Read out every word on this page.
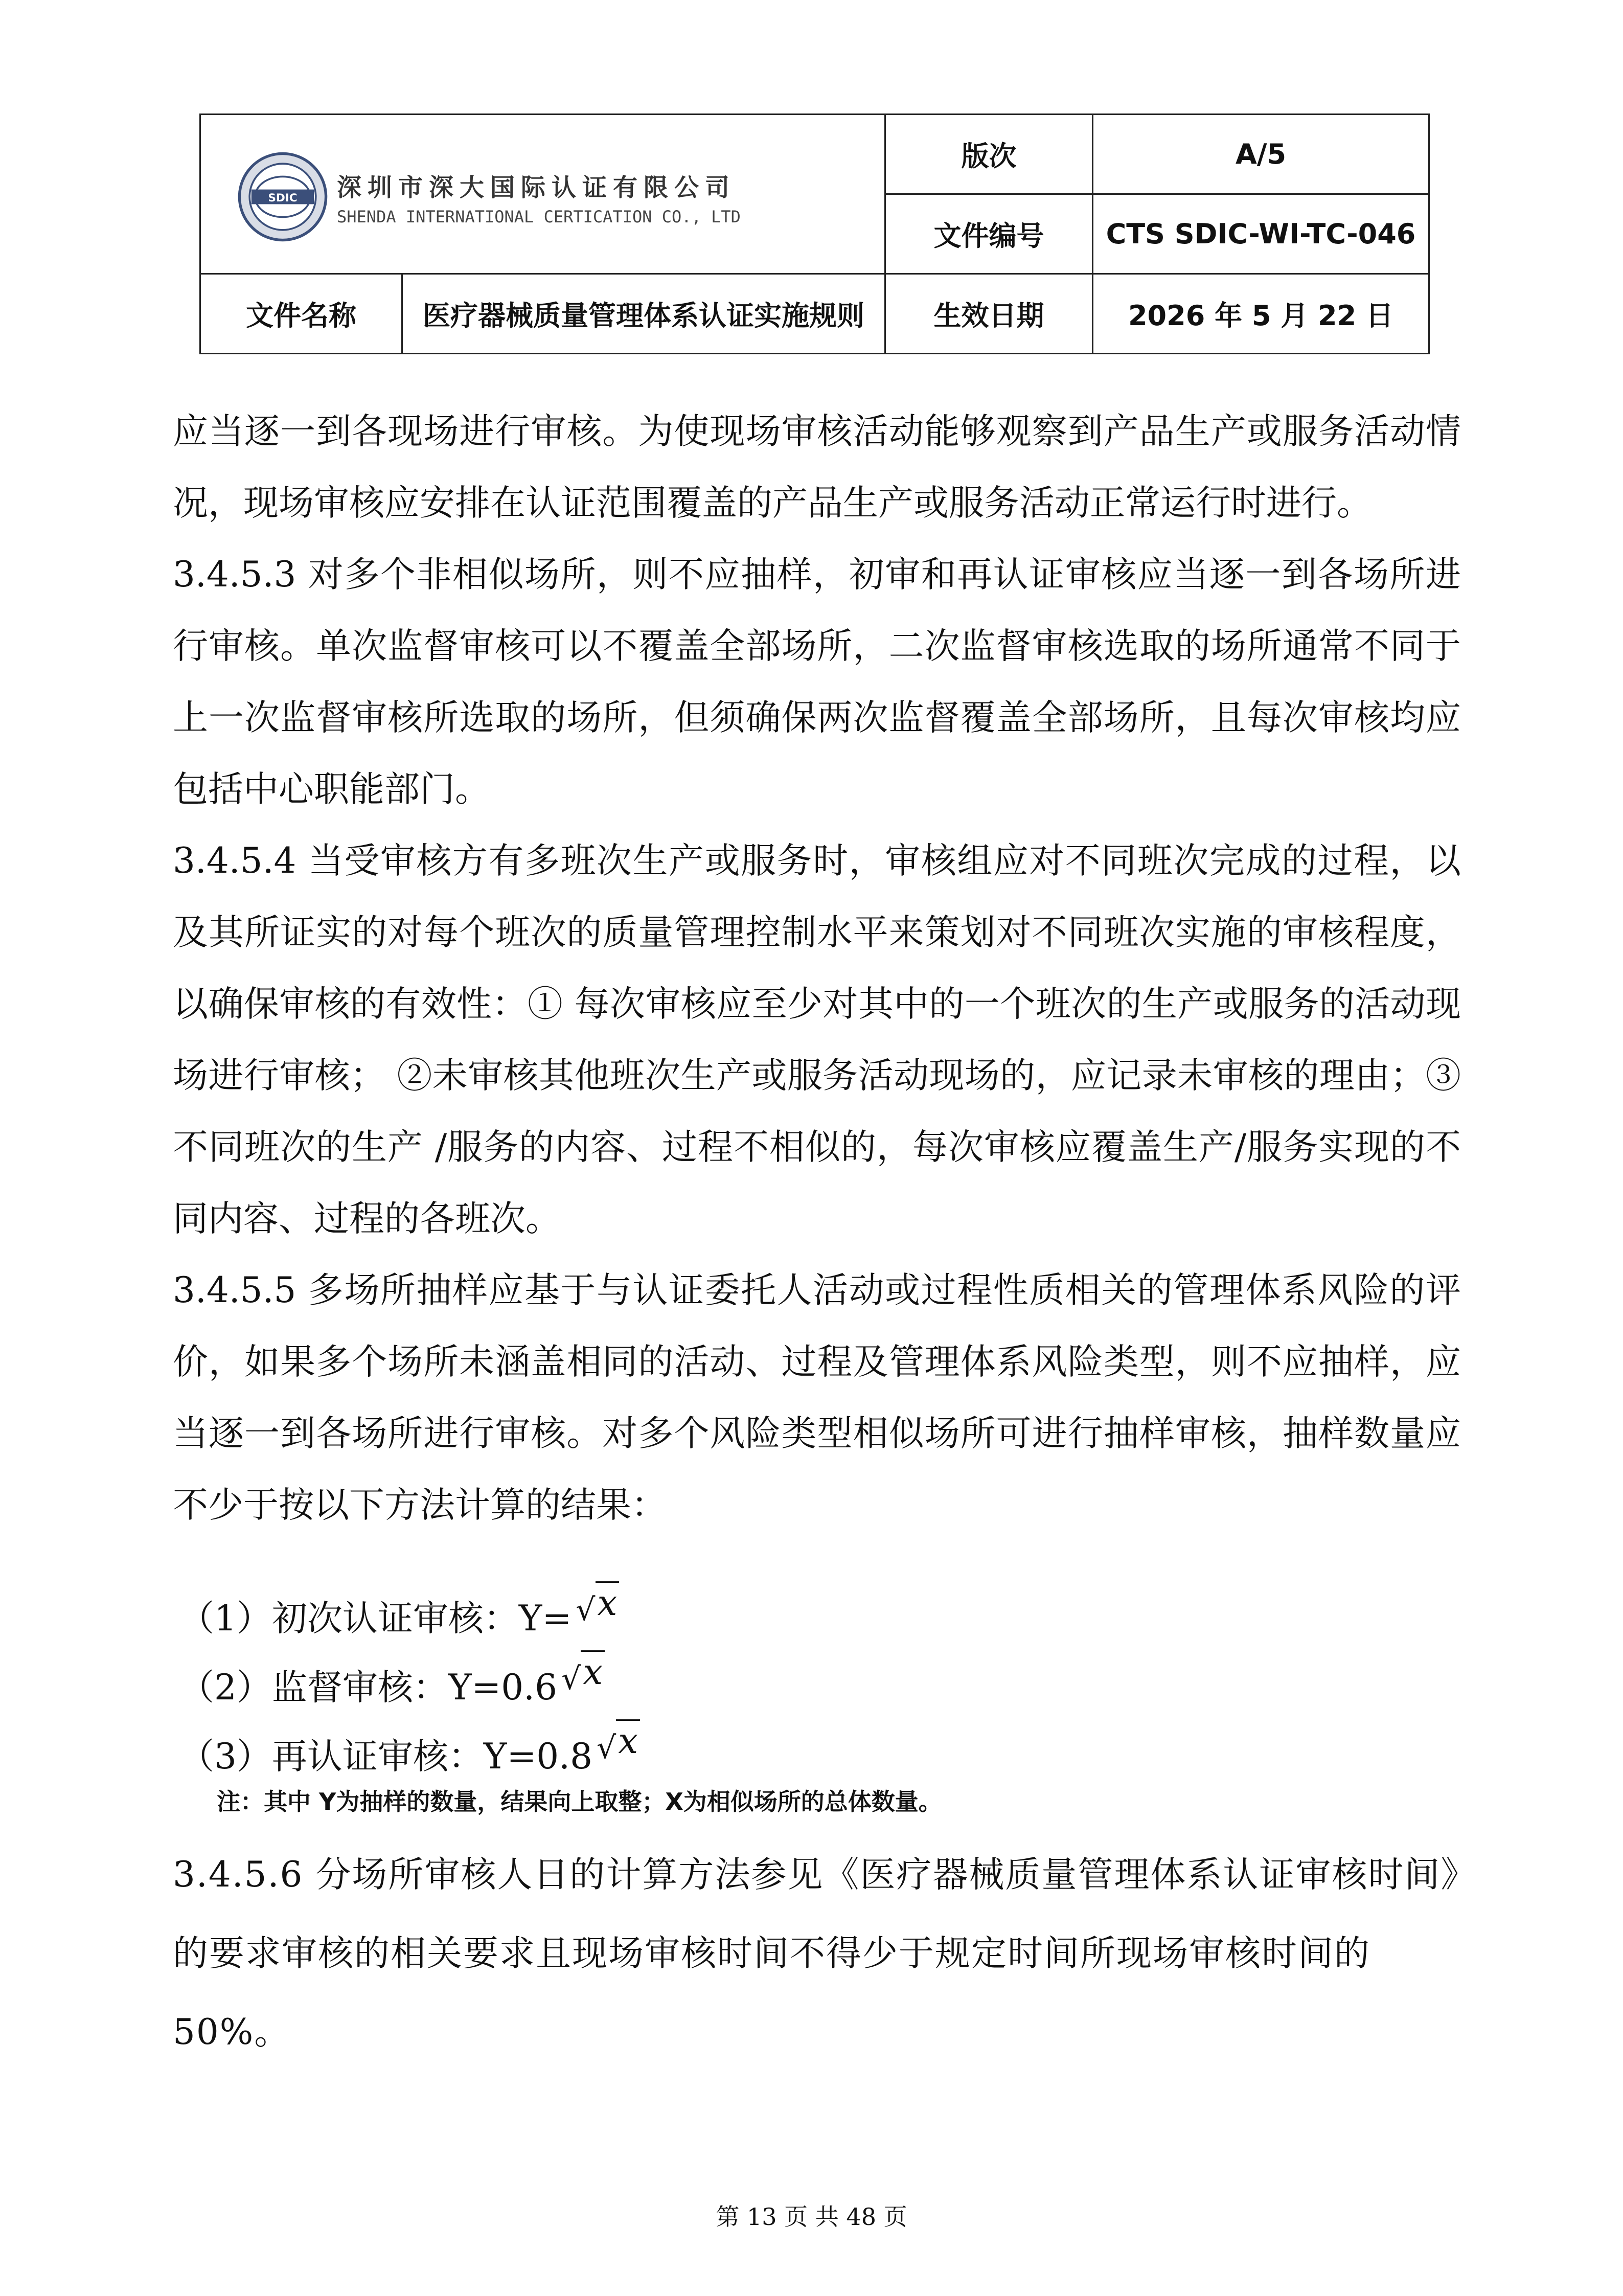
SDIC 深圳市深大国际认证有限公司
SHENDA INTERNATIONAL CERTICATION CO., LTD		版次	A/5
		文件编号	CTS SDIC-WI-TC-046
文件名称	医疗器械质量管理体系认证实施规则	生效日期	2026 年 5 月 22 日

应当逐一到各现场进行审核。为使现场审核活动能够观察到产品生产或服务活动情况，现场审核应安排在认证范围覆盖的产品生产或服务活动正常运行时进行。

3.4.5.3 对多个非相似场所，则不应抽样，初审和再认证审核应当逐一到各场所进行审核。单次监督审核可以不覆盖全部场所，二次监督审核选取的场所通常不同于上一次监督审核所选取的场所，但须确保两次监督覆盖全部场所，且每次审核均应包括中心职能部门。

3.4.5.4 当受审核方有多班次生产或服务时，审核组应对不同班次完成的过程，以及其所证实的对每个班次的质量管理控制水平来策划对不同班次实施的审核程度，以确保审核的有效性：① 每次审核应至少对其中的一个班次的生产或服务的活动现场进行审核； ②未审核其他班次生产或服务活动现场的，应记录未审核的理由；③不同班次的生产 /服务的内容、过程不相似的，每次审核应覆盖生产/服务实现的不同内容、过程的各班次。

3.4.5.5 多场所抽样应基于与认证委托人活动或过程性质相关的管理体系风险的评价，如果多个场所未涵盖相同的活动、过程及管理体系风险类型，则不应抽样，应当逐一到各场所进行审核。对多个风险类型相似场所可进行抽样审核，抽样数量应不少于按以下方法计算的结果：

（1）初次认证审核：Y= √x
（2）监督审核：Y=0.6 √x
（3）再认证审核：Y=0.8 √x
注：其中 Y为抽样的数量，结果向上取整；X为相似场所的总体数量。
3.4.5.6 分场所审核人日的计算方法参见《医疗器械质量管理体系认证审核时间》的要求审核的相关要求且现场审核时间不得少于规定时间所现场审核时间的 50%。
第 13 页 共 48 页
